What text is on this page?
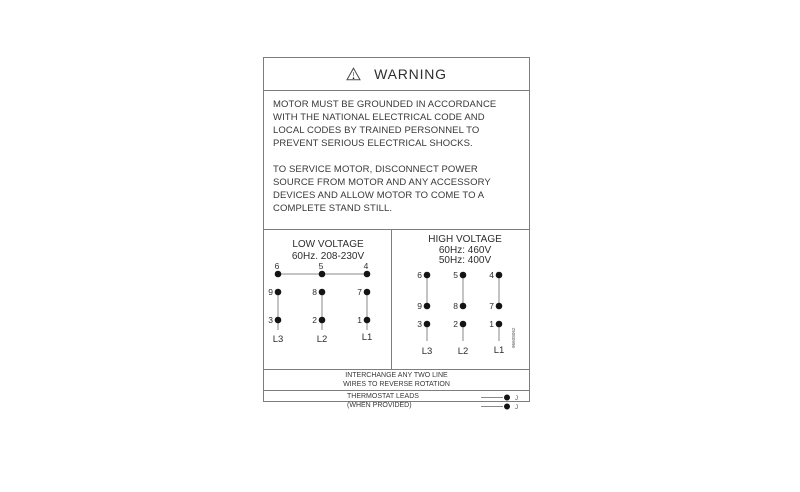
WARNING
MOTOR MUST BE GROUNDED IN ACCORDANCE
WITH THE NATIONAL ELECTRICAL CODE AND
LOCAL CODES BY TRAINED PERSONNEL TO
PREVENT SERIOUS ELECTRICAL SHOCKS.
TO SERVICE MOTOR, DISCONNECT POWER
SOURCE FROM MOTOR AND ANY ACCESSORY
DEVICES AND ALLOW MOTOR TO COME TO A
COMPLETE STAND STILL.
LOW VOLTAGE
60Hz. 208-230V
6	5	4
9	8	7
3	2	1
L3	L2	L1
HIGH VOLTAGE
60Hz: 460V
50Hz: 400V
6	5	4
9	8	7
3	2	1
L3	L2	L1
96608062
INTERCHANGE ANY TWO LINE
WIRES TO REVERSE ROTATION
THERMOSTAT LEADS
(WHEN PROVIDED)
J
J
